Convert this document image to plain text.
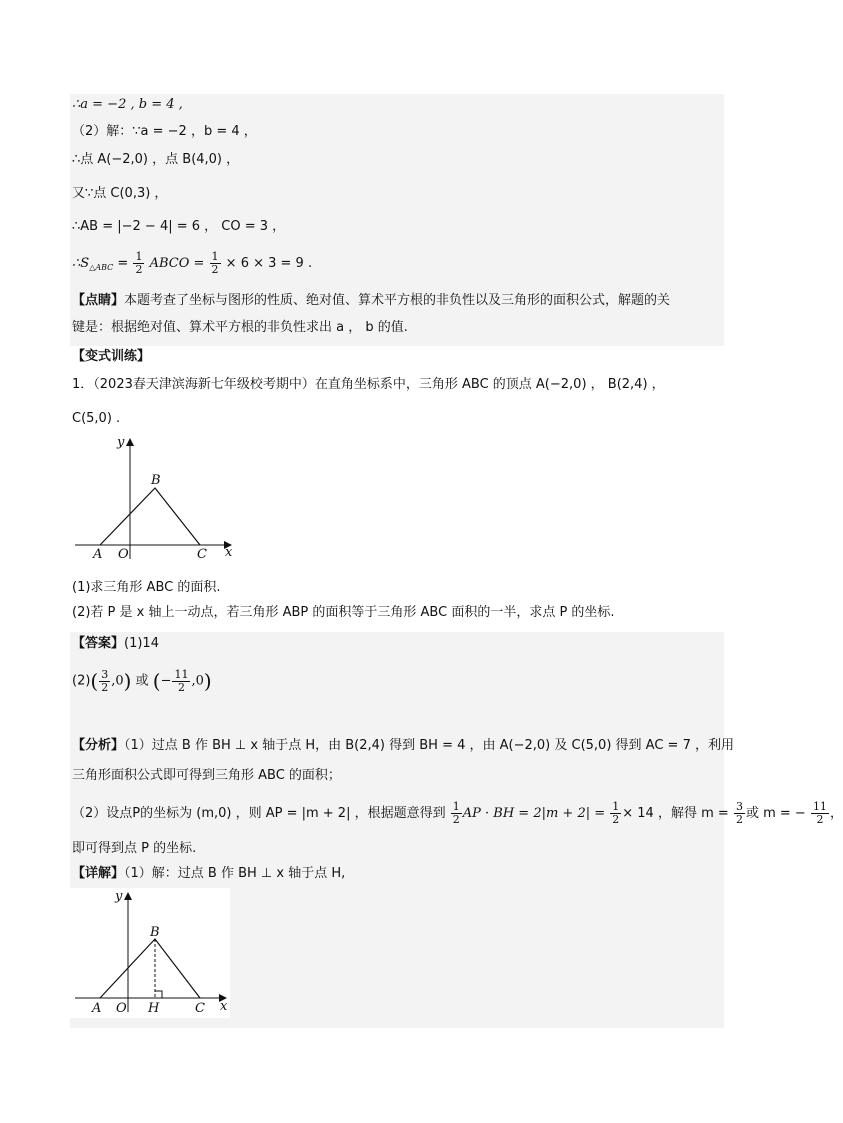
∴a = −2 , b = 4 ,
（2）解：∵a = −2 ，b = 4 ，
∴点 A(−2,0) ，点 B(4,0) ，
又∵点 C(0,3) ，
∴AB = |−2 − 4| = 6 ， CO = 3 ，
$\therefore S_{\triangle ABC} = \frac{1}{2}$ ABCO = $\frac{1}{2} \times 6 \times 3 = 9$ .
【点睛】本题考查了坐标与图形的性质、绝对值、算术平方根的非负性以及三角形的面积公式，解题的关
键是：根据绝对值、算术平方根的非负性求出 a ， b 的值.
【变式训练】
1．（2023春天津滨海新七年级校考期中）在直角坐标系中，三角形 ABC 的顶点 A(−2,0) ， B(2,4) ，
C(5,0) .
y
x
A O
B
C
(1)求三角形 ABC 的面积.
(2)若 P 是 x 轴上一动点，若三角形 ABP 的面积等于三角形 ABC 面积的一半，求点 P 的坐标.
【答案】(1)14
$(2)( \frac{3}{2} ,0)$ 或 (− $\frac{11}{2} ,0$)
【分析】（1）过点 B 作 BH ⊥ x 轴于点 H，由 B(2,4) 得到 BH = 4 ，由 A(−2,0) 及 C(5,0) 得到 AC = 7 ，利用
三角形面积公式即可得到三角形 ABC 的面积；
（2）设点P的坐标为 (m,0) ，则 AP = |m + 2| ，根据题意得到 $\frac{1}{2}$ AP · BH = $2|m + 2| = \frac{1}{2} \times 14$ ，解得 $m = \frac{3}{2}$ 或 m = − $\frac{11}{2}$ ，
即可得到点 P 的坐标.
【详解】（1）解：过点 B 作 BH ⊥ x 轴于点 H,
y
x
A O H
B
C
